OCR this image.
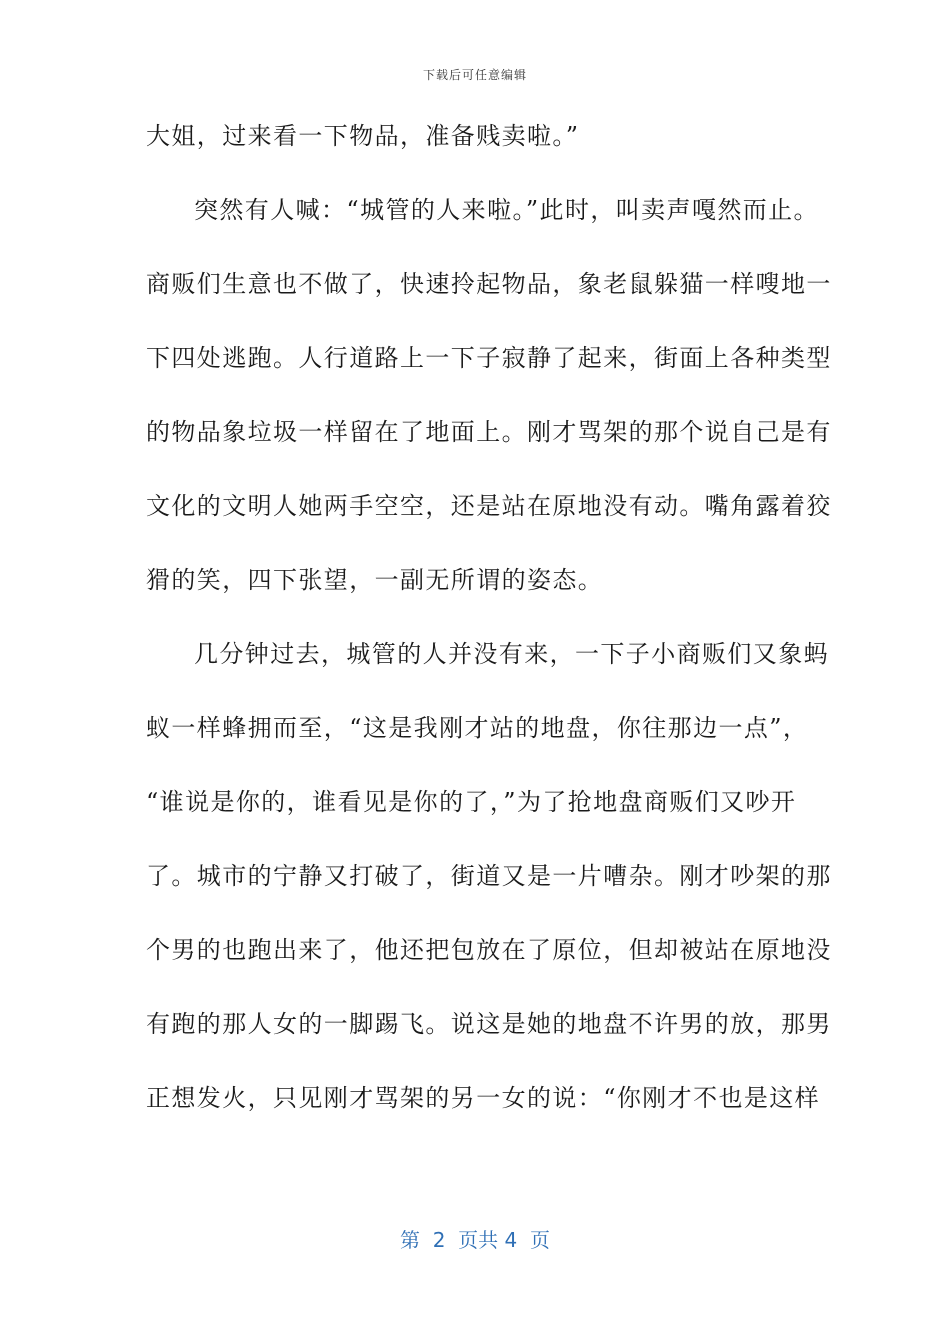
下载后可任意编辑
大姐，过来看一下物品，准备贱卖啦。”
突然有人喊：“城管的人来啦。”此时，叫卖声嘎然而止。
商贩们生意也不做了，快速拎起物品，象老鼠躲猫一样嗖地一
下四处逃跑。人行道路上一下子寂静了起来，街面上各种类型
的物品象垃圾一样留在了地面上。刚才骂架的那个说自己是有
文化的文明人她两手空空，还是站在原地没有动。嘴角露着狡
猾的笑，四下张望，一副无所谓的姿态。
几分钟过去，城管的人并没有来，一下子小商贩们又象蚂
蚁一样蜂拥而至，“这是我刚才站的地盘，你往那边一点”，
“谁说是你的，谁看见是你的了，”为了抢地盘商贩们又吵开
了。城市的宁静又打破了，街道又是一片嘈杂。刚才吵架的那
个男的也跑出来了，他还把包放在了原位，但却被站在原地没
有跑的那人女的一脚踢飞。说这是她的地盘不许男的放，那男
正想发火，只见刚才骂架的另一女的说：“你刚才不也是这样
第  2  页共 4  页
